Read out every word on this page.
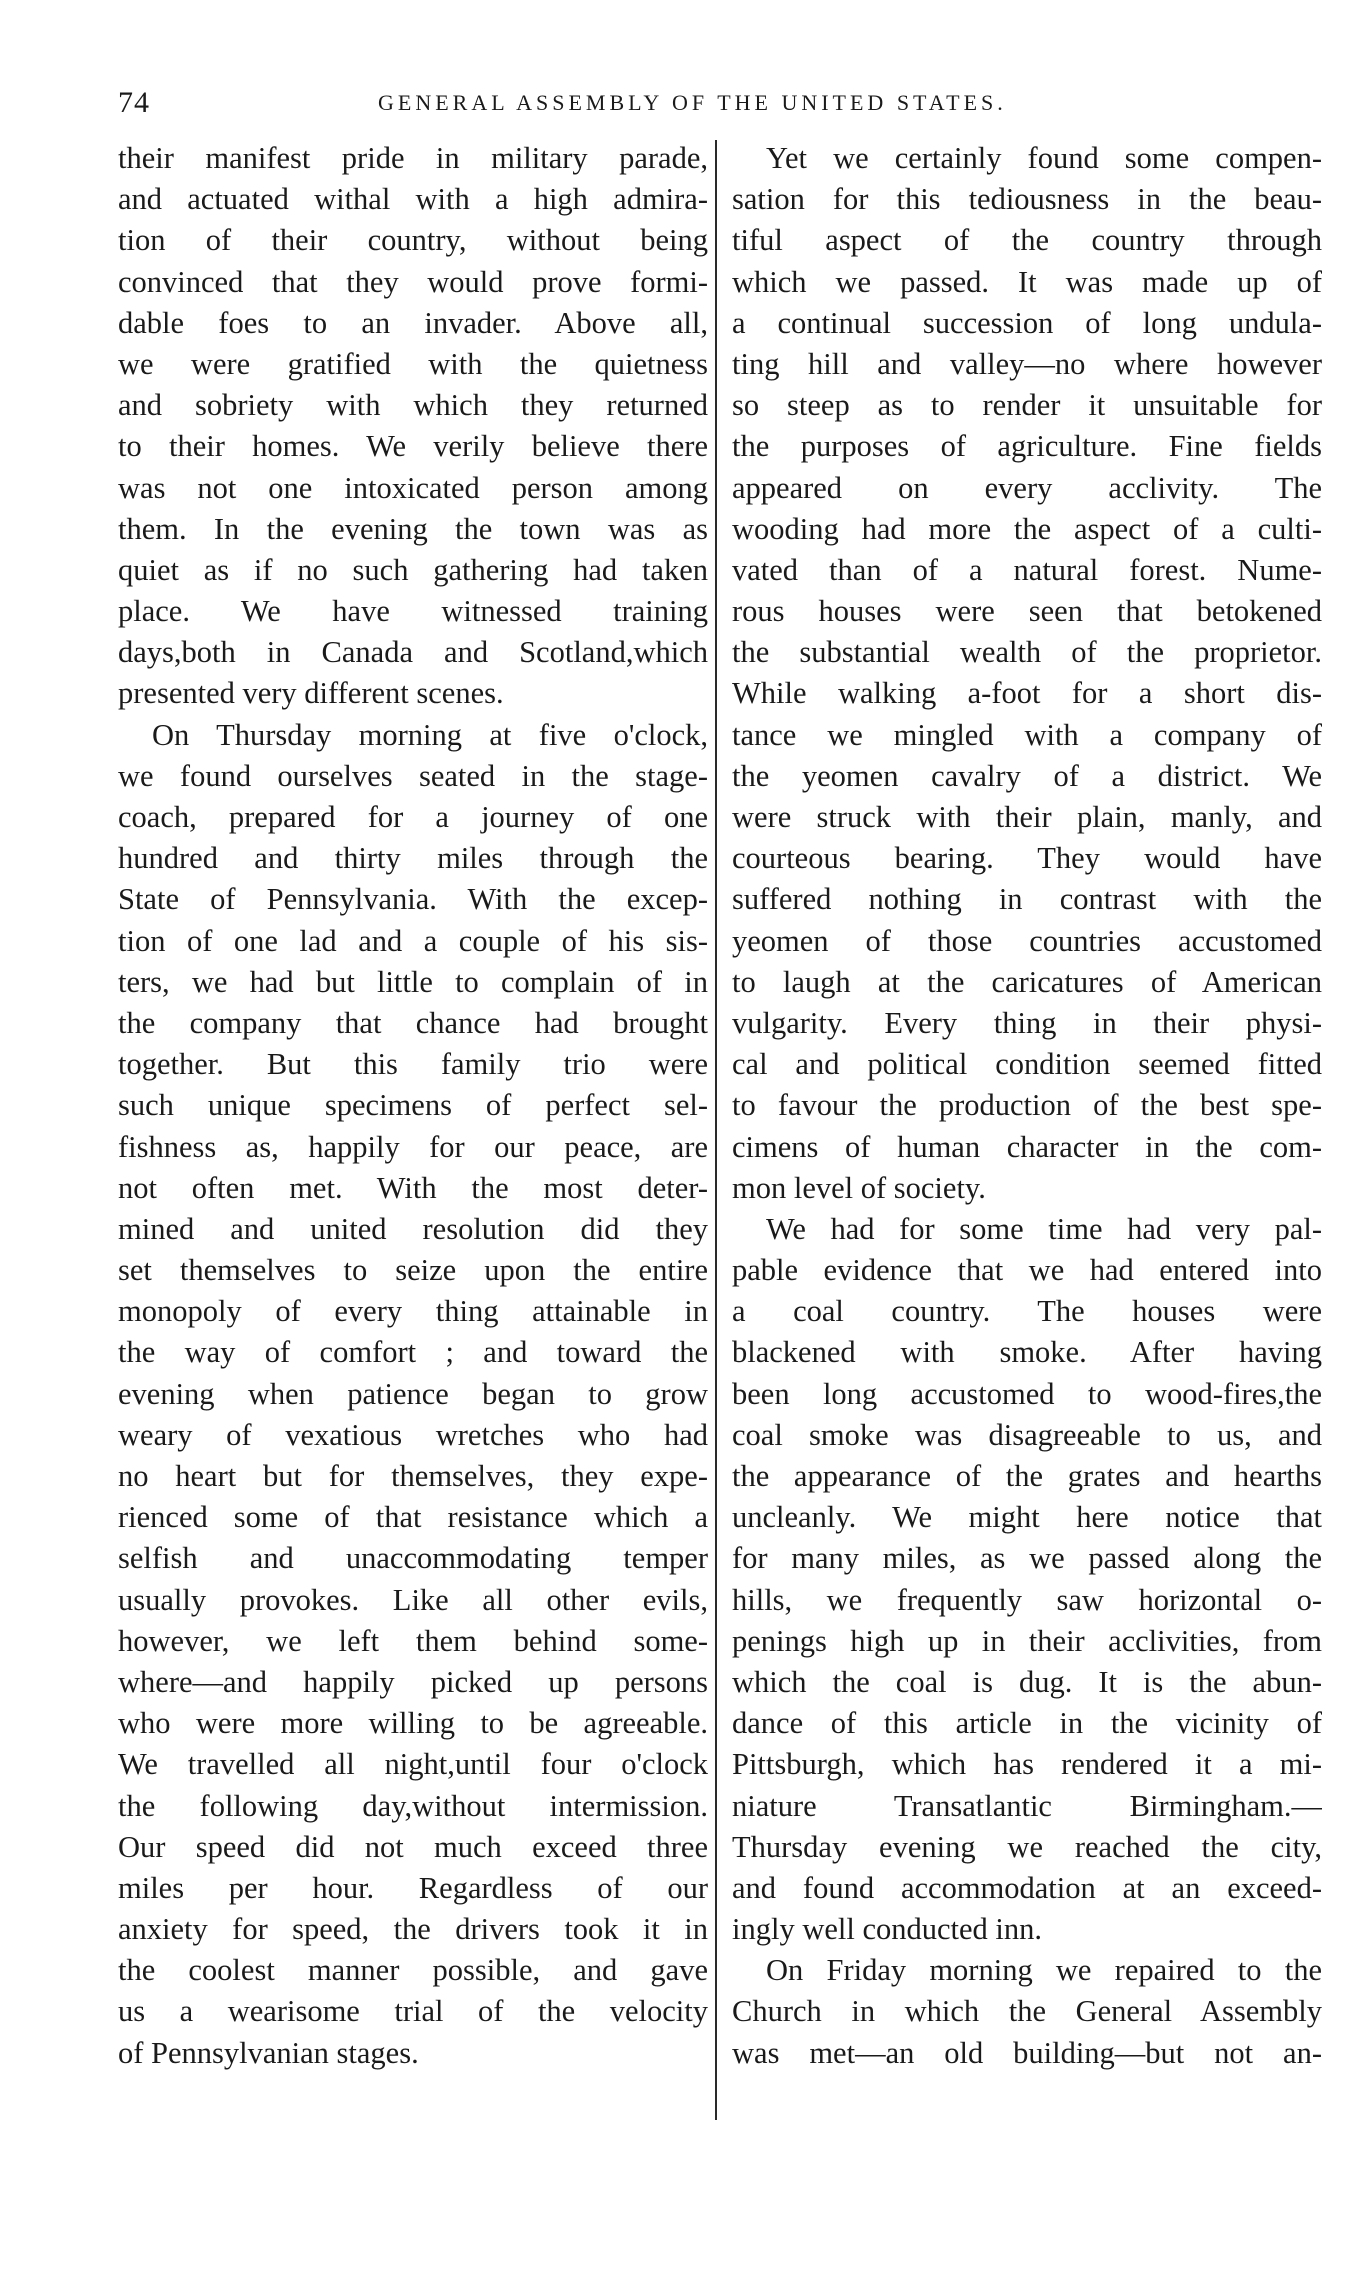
74	GENERAL ASSEMBLY OF THE UNITED STATES.
their manifest pride in military parade,
and actuated withal with a high admira-
tion of their country, without being
convinced that they would prove formi-
dable foes to an invader. Above all,
we were gratified with the quietness
and sobriety with which they returned
to their homes. We verily believe there
was not one intoxicated person among
them. In the evening the town was as
quiet as if no such gathering had taken
place. We have witnessed training
days,both in Canada and Scotland,which
presented very different scenes.
On Thursday morning at five o'clock,
we found ourselves seated in the stage-
coach, prepared for a journey of one
hundred and thirty miles through the
State of Pennsylvania. With the excep-
tion of one lad and a couple of his sis-
ters, we had but little to complain of in
the company that chance had brought
together. But this family trio were
such unique specimens of perfect sel-
fishness as, happily for our peace, are
not often met. With the most deter-
mined and united resolution did they
set themselves to seize upon the entire
monopoly of every thing attainable in
the way of comfort ; and toward the
evening when patience began to grow
weary of vexatious wretches who had
no heart but for themselves, they expe-
rienced some of that resistance which a
selfish and unaccommodating temper
usually provokes. Like all other evils,
however, we left them behind some-
where—and happily picked up persons
who were more willing to be agreeable.
We travelled all night,until four o'clock
the following day,without intermission.
Our speed did not much exceed three
miles per hour. Regardless of our
anxiety for speed, the drivers took it in
the coolest manner possible, and gave
us a wearisome trial of the velocity
of Pennsylvanian stages.
Yet we certainly found some compen-
sation for this tediousness in the beau-
tiful aspect of the country through
which we passed. It was made up of
a continual succession of long undula-
ting hill and valley—no where however
so steep as to render it unsuitable for
the purposes of agriculture. Fine fields
appeared on every acclivity. The
wooding had more the aspect of a culti-
vated than of a natural forest. Nume-
rous houses were seen that betokened
the substantial wealth of the proprietor.
While walking a-foot for a short dis-
tance we mingled with a company of
the yeomen cavalry of a district. We
were struck with their plain, manly, and
courteous bearing. They would have
suffered nothing in contrast with the
yeomen of those countries accustomed
to laugh at the caricatures of American
vulgarity. Every thing in their physi-
cal and political condition seemed fitted
to favour the production of the best spe-
cimens of human character in the com-
mon level of society.
We had for some time had very pal-
pable evidence that we had entered into
a coal country. The houses were
blackened with smoke. After having
been long accustomed to wood-fires,the
coal smoke was disagreeable to us, and
the appearance of the grates and hearths
uncleanly. We might here notice that
for many miles, as we passed along the
hills, we frequently saw horizontal o-
penings high up in their acclivities, from
which the coal is dug. It is the abun-
dance of this article in the vicinity of
Pittsburgh, which has rendered it a mi-
niature Transatlantic Birmingham.—
Thursday evening we reached the city,
and found accommodation at an exceed-
ingly well conducted inn.
On Friday morning we repaired to the
Church in which the General Assembly
was met—an old building—but not an-
